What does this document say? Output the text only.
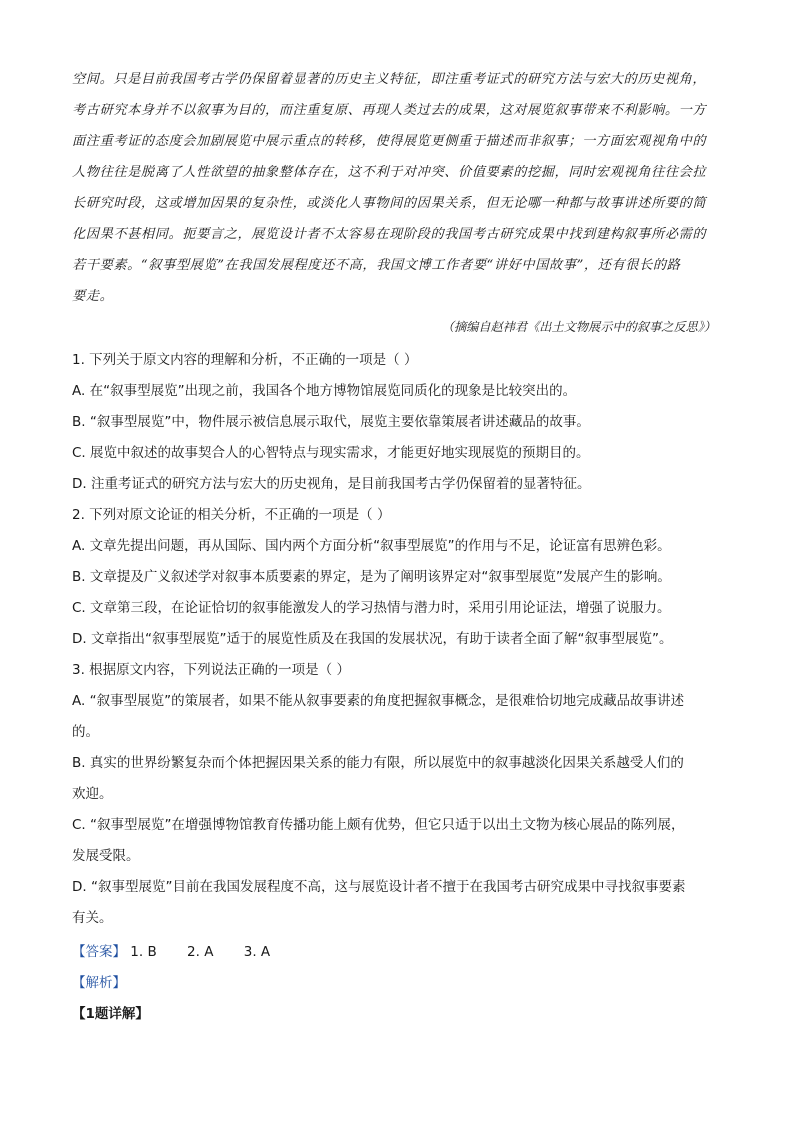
空间。只是目前我国考古学仍保留着显著的历史主义特征，即注重考证式的研究方法与宏大的历史视角，
考古研究本身并不以叙事为目的，而注重复原、再现人类过去的成果，这对展览叙事带来不利影响。一方
面注重考证的态度会加剧展览中展示重点的转移，使得展览更侧重于描述而非叙事；一方面宏观视角中的
人物往往是脱离了人性欲望的抽象整体存在，这不利于对冲突、价值要素的挖掘，同时宏观视角往往会拉
长研究时段，这或增加因果的复杂性，或淡化人事物间的因果关系，但无论哪一种都与故事讲述所要的简
化因果不甚相同。扼要言之，展览设计者不太容易在现阶段的我国考古研究成果中找到建构叙事所必需的
若干要素。“叙事型展览”在我国发展程度还不高，我国文博工作者要“讲好中国故事”，还有很长的路
要走。
（摘编自赵祎君《出土文物展示中的叙事之反思》）
1. 下列关于原文内容的理解和分析，不正确的一项是（ ）
A. 在“叙事型展览”出现之前，我国各个地方博物馆展览同质化的现象是比较突出的。
B. “叙事型展览”中，物件展示被信息展示取代，展览主要依靠策展者讲述藏品的故事。
C. 展览中叙述的故事契合人的心智特点与现实需求，才能更好地实现展览的预期目的。
D. 注重考证式的研究方法与宏大的历史视角，是目前我国考古学仍保留着的显著特征。
2. 下列对原文论证的相关分析，不正确的一项是（ ）
A. 文章先提出问题，再从国际、国内两个方面分析“叙事型展览”的作用与不足，论证富有思辨色彩。
B. 文章提及广义叙述学对叙事本质要素的界定，是为了阐明该界定对“叙事型展览”发展产生的影响。
C. 文章第三段，在论证恰切的叙事能激发人的学习热情与潜力时，采用引用论证法，增强了说服力。
D. 文章指出“叙事型展览”适于的展览性质及在我国的发展状况，有助于读者全面了解“叙事型展览”。
3. 根据原文内容，下列说法正确的一项是（ ）
A. “叙事型展览”的策展者，如果不能从叙事要素的角度把握叙事概念，是很难恰切地完成藏品故事讲述
的。
B. 真实的世界纷繁复杂而个体把握因果关系的能力有限，所以展览中的叙事越淡化因果关系越受人们的
欢迎。
C. “叙事型展览”在增强博物馆教育传播功能上颇有优势，但它只适于以出土文物为核心展品的陈列展，
发展受限。
D. “叙事型展览”目前在我国发展程度不高，这与展览设计者不擅于在我国考古研究成果中寻找叙事要素
有关。
【答案】 1. B 2. A 3. A
【解析】
【1题详解】
